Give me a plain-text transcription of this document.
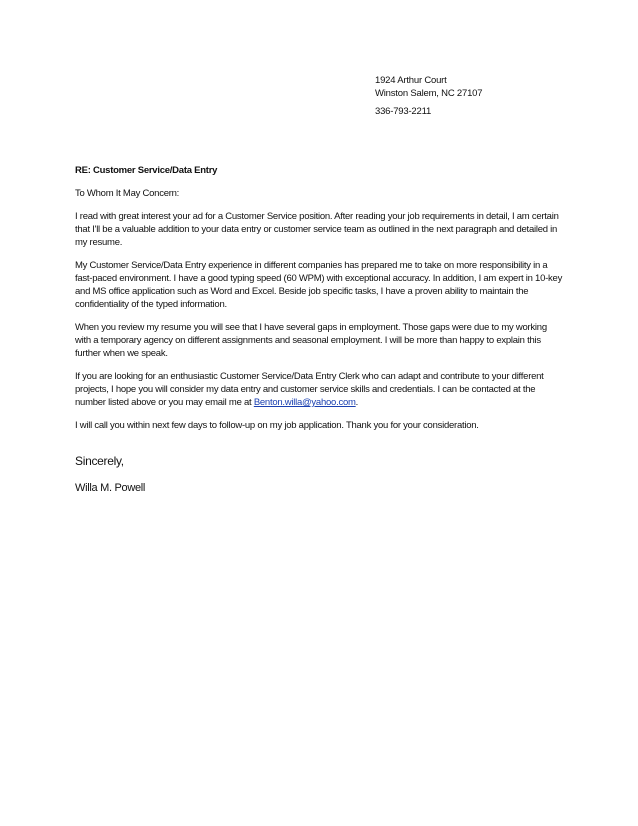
1924 Arthur Court
Winston Salem, NC 27107
336-793-2211

RE: Customer Service/Data Entry

To Whom It May Concern:

I read with great interest your ad for a Customer Service position. After reading your job requirements in detail, I am certain that I'll be a valuable addition to your data entry or customer service team as outlined in the next paragraph and detailed in my resume.

My Customer Service/Data Entry experience in different companies has prepared me to take on more responsibility in a fast-paced environment. I have a good typing speed (60 WPM) with exceptional accuracy. In addition, I am expert in 10-key and MS office application such as Word and Excel. Beside job specific tasks, I have a proven ability to maintain the confidentiality of the typed information.

When you review my resume you will see that I have several gaps in employment. Those gaps were due to my working with a temporary agency on different assignments and seasonal employment. I will be more than happy to explain this further when we speak.

If you are looking for an enthusiastic Customer Service/Data Entry Clerk who can adapt and contribute to your different projects, I hope you will consider my data entry and customer service skills and credentials. I can be contacted at the number listed above or you may email me at Benton.willa@yahoo.com.

I will call you within next few days to follow-up on my job application. Thank you for your consideration.

Sincerely,
Willa M. Powell
